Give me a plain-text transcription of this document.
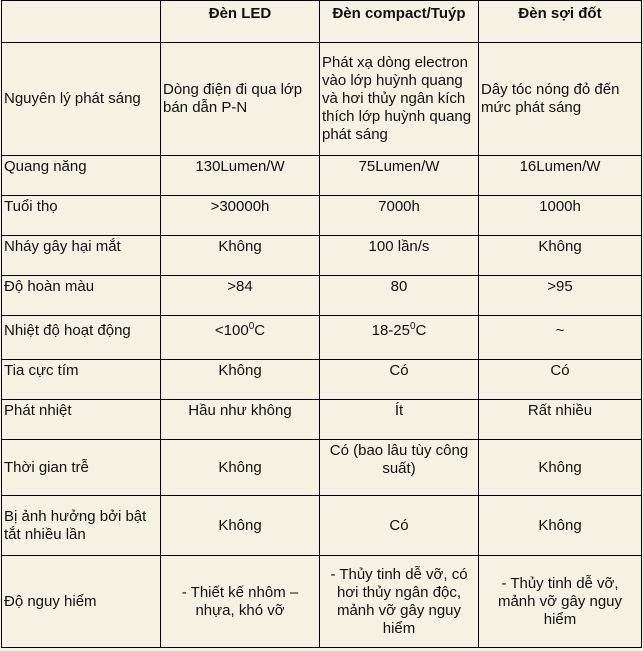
	Đèn LED	Đèn compact/Tuýp	Đèn sợi đốt
Nguyên lý phát sáng	Dòng điện đi qua lớp bán dẫn P-N	Phát xạ dòng electron vào lớp huỳnh quang và hơi thủy ngân kích thích lớp huỳnh quang phát sáng	Dây tóc nóng đỏ đến mức phát sáng
Quang năng	130Lumen/W	75Lumen/W	16Lumen/W
Tuổi thọ	>30000h	7000h	1000h
Nháy gây hại mắt	Không	100 lần/s	Không
Độ hoàn màu	>84	80	>95
Nhiệt độ hoạt động	$<100^0C$	$18-25^0C$	~
Tia cực tím	Không	Có	Có
Phát nhiệt	Hầu như không	Ít	Rất nhiều
Thời gian trễ	Không	Có (bao lâu tùy công suất)	Không
Bị ảnh hưởng bởi bật tắt nhiều lần	Không	Có	Không
Độ nguy hiểm	- Thiết kế nhôm – nhựa, khó vỡ	- Thủy tinh dễ vỡ, có hơi thủy ngân độc, mảnh vỡ gây nguy hiểm	- Thủy tinh dễ vỡ, mảnh vỡ gây nguy hiểm
